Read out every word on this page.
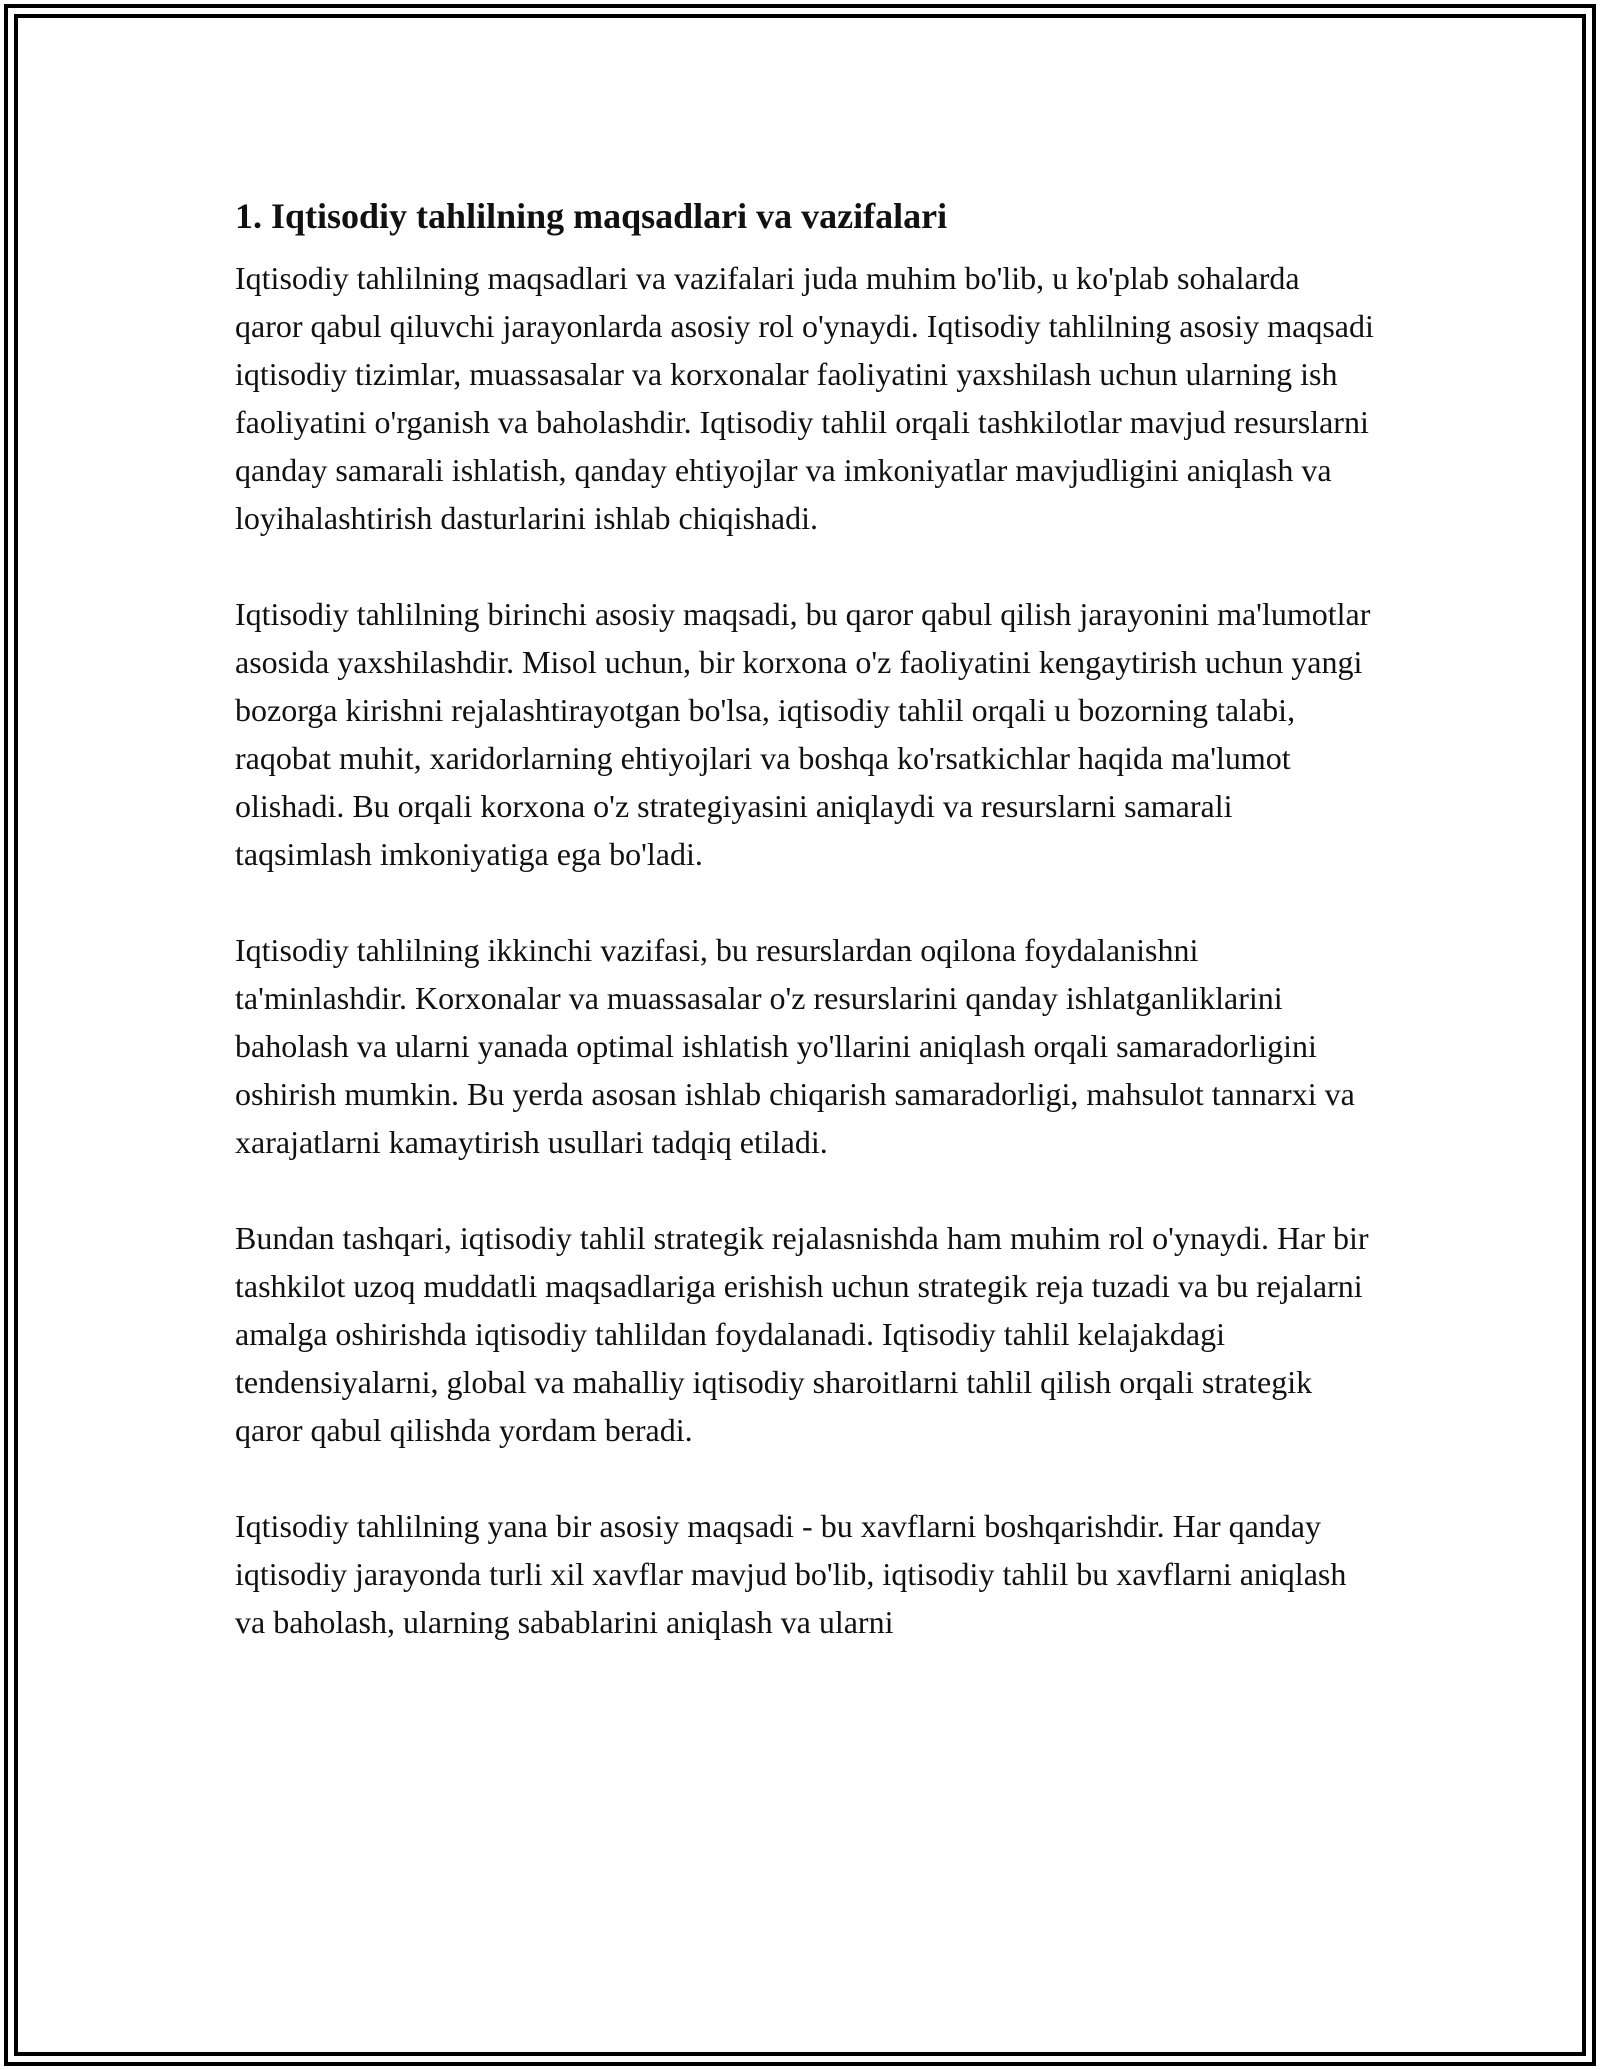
1. Iqtisodiy tahlilning maqsadlari va vazifalari

Iqtisodiy tahlilning maqsadlari va vazifalari juda muhim bo'lib, u ko'plab sohalarda qaror qabul qiluvchi jarayonlarda asosiy rol o'ynaydi. Iqtisodiy tahlilning asosiy maqsadi iqtisodiy tizimlar, muassasalar va korxonalar faoliyatini yaxshilash uchun ularning ish faoliyatini o'rganish va baholashdir. Iqtisodiy tahlil orqali tashkilotlar mavjud resurslarni qanday samarali ishlatish, qanday ehtiyojlar va imkoniyatlar mavjudligini aniqlash va loyihalashtirish dasturlarini ishlab chiqishadi.

Iqtisodiy tahlilning birinchi asosiy maqsadi, bu qaror qabul qilish jarayonini ma'lumotlar asosida yaxshilashdir. Misol uchun, bir korxona o'z faoliyatini kengaytirish uchun yangi bozorga kirishni rejalashtirayotgan bo'lsa, iqtisodiy tahlil orqali u bozorning talabi, raqobat muhit, xaridorlarning ehtiyojlari va boshqa ko'rsatkichlar haqida ma'lumot olishadi. Bu orqali korxona o'z strategiyasini aniqlaydi va resurslarni samarali taqsimlash imkoniyatiga ega bo'ladi.

Iqtisodiy tahlilning ikkinchi vazifasi, bu resurslardan oqilona foydalanishni ta'minlashdir. Korxonalar va muassasalar o'z resurslarini qanday ishlatganliklarini baholash va ularni yanada optimal ishlatish yo'llarini aniqlash orqali samaradorligini oshirish mumkin. Bu yerda asosan ishlab chiqarish samaradorligi, mahsulot tannarxi va xarajatlarni kamaytirish usullari tadqiq etiladi.

Bundan tashqari, iqtisodiy tahlil strategik rejalasnishda ham muhim rol o'ynaydi. Har bir tashkilot uzoq muddatli maqsadlariga erishish uchun strategik reja tuzadi va bu rejalarni amalga oshirishda iqtisodiy tahlildan foydalanadi. Iqtisodiy tahlil kelajakdagi tendensiyalarni, global va mahalliy iqtisodiy sharoitlarni tahlil qilish orqali strategik qaror qabul qilishda yordam beradi.

Iqtisodiy tahlilning yana bir asosiy maqsadi - bu xavflarni boshqarishdir. Har qanday iqtisodiy jarayonda turli xil xavflar mavjud bo'lib, iqtisodiy tahlil bu xavflarni aniqlash va baholash, ularning sabablarini aniqlash va ularni
